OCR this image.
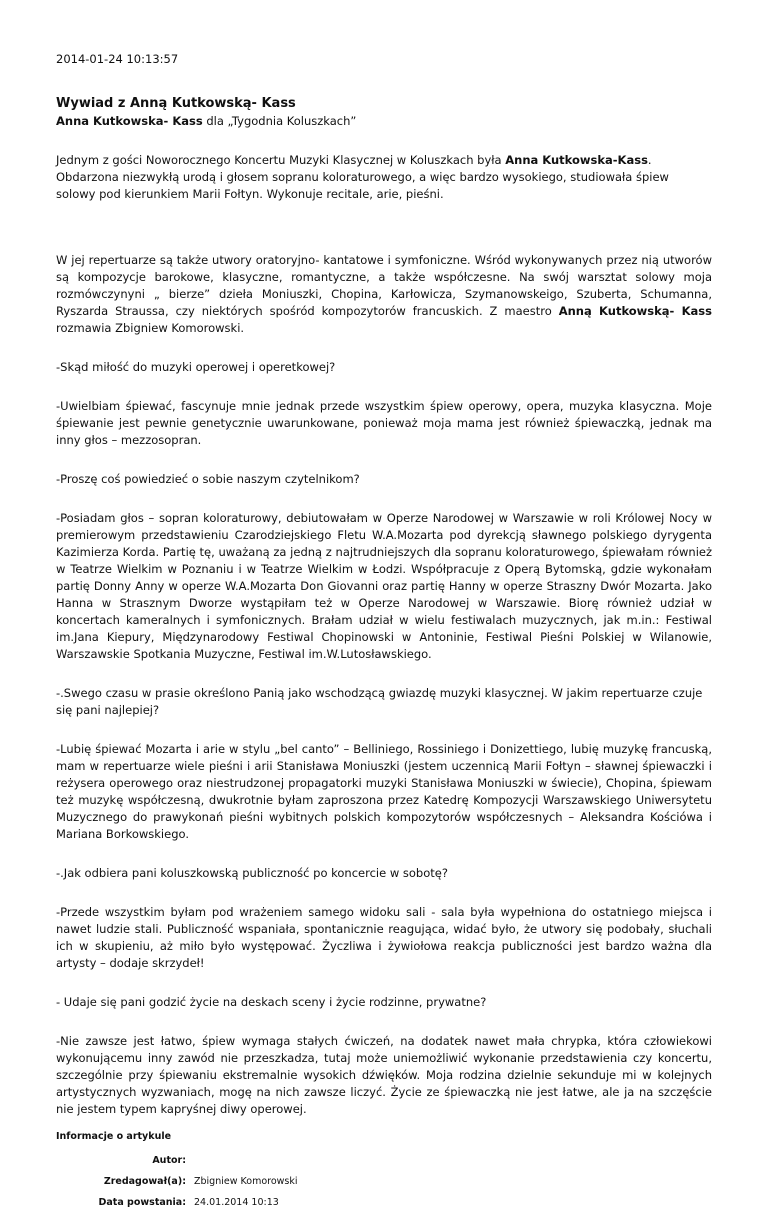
2014-01-24 10:13:57
Wywiad z Anną Kutkowską- Kass

Anna Kutkowska- Kass dla „Tygodnia Koluszkach”

Jednym z gości Noworocznego Koncertu Muzyki Klasycznej w Koluszkach była Anna Kutkowska-Kass. Obdarzona niezwykłą urodą i głosem sopranu koloraturowego, a więc bardzo wysokiego, studiowała śpiew solowy pod kierunkiem Marii Fołtyn. Wykonuje recitale, arie, pieśni.

W jej repertuarze są także utwory oratoryjno- kantatowe i symfoniczne. Wśród wykonywanych przez nią utworów są kompozycje barokowe, klasyczne, romantyczne, a także współczesne. Na swój warsztat solowy moja rozmówczynyni „ bierze” dzieła Moniuszki, Chopina, Karłowicza, Szymanowskeigo, Szuberta, Schumanna, Ryszarda Straussa, czy niektórych spośród kompozytorów francuskich. Z maestro Anną Kutkowską- Kass rozmawia Zbigniew Komorowski.

-Skąd miłość do muzyki operowej i operetkowej?

-Uwielbiam śpiewać, fascynuje mnie jednak przede wszystkim śpiew operowy, opera, muzyka klasyczna. Moje śpiewanie jest pewnie genetycznie uwarunkowane, ponieważ moja mama jest również śpiewaczką, jednak ma inny głos – mezzosopran.

-Proszę coś powiedzieć o sobie naszym czytelnikom?

-Posiadam głos – sopran koloraturowy, debiutowałam w Operze Narodowej w Warszawie w roli Królowej Nocy w premierowym przedstawieniu Czarodziejskiego Fletu W.A.Mozarta pod dyrekcją sławnego polskiego dyrygenta Kazimierza Korda. Partię tę, uważaną za jedną z najtrudniejszych dla sopranu koloraturowego, śpiewałam również w Teatrze Wielkim w Poznaniu i w Teatrze Wielkim w Łodzi. Współpracuje z Operą Bytomską, gdzie wykonałam partię Donny Anny w operze W.A.Mozarta Don Giovanni oraz partię Hanny w operze Straszny Dwór Mozarta. Jako Hanna w Strasznym Dworze wystąpiłam też w Operze Narodowej w Warszawie. Biorę również udział w koncertach kameralnych i symfonicznych. Brałam udział w wielu festiwalach muzycznych, jak m.in.: Festiwal im.Jana Kiepury, Międzynarodowy Festiwal Chopinowski w Antoninie, Festiwal Pieśni Polskiej w Wilanowie, Warszawskie Spotkania Muzyczne, Festiwal im.W.Lutosławskiego.

-.Swego czasu w prasie określono Panią jako wschodzącą gwiazdę muzyki klasycznej. W jakim repertuarze czuje się pani najlepiej?

-Lubię śpiewać Mozarta i arie w stylu „bel canto” – Belliniego, Rossiniego i Donizettiego, lubię muzykę francuską, mam w repertuarze wiele pieśni i arii Stanisława Moniuszki (jestem uczennicą Marii Fołtyn – sławnej śpiewaczki i reżysera operowego oraz niestrudzonej propagatorki muzyki Stanisława Moniuszki w świecie), Chopina, śpiewam też muzykę współczesną, dwukrotnie byłam zaproszona przez Katedrę Kompozycji Warszawskiego Uniwersytetu Muzycznego do prawykonań pieśni wybitnych polskich kompozytorów współczesnych – Aleksandra Kościówa i Mariana Borkowskiego.

-.Jak odbiera pani koluszkowską publiczność po koncercie w sobotę?

-Przede wszystkim byłam pod wrażeniem samego widoku sali - sala była wypełniona do ostatniego miejsca i nawet ludzie stali. Publiczność wspaniała, spontanicznie reagująca, widać było, że utwory się podobały, słuchali ich w skupieniu, aż miło było występować. Życzliwa i żywiołowa reakcja publiczności jest bardzo ważna dla artysty – dodaje skrzydeł!

- Udaje się pani godzić życie na deskach sceny i życie rodzinne, prywatne?

-Nie zawsze jest łatwo, śpiew wymaga stałych ćwiczeń, na dodatek nawet mała chrypka, która człowiekowi wykonującemu inny zawód nie przeszkadza, tutaj może uniemożliwić wykonanie przedstawienia czy koncertu, szczególnie przy śpiewaniu ekstremalnie wysokich dźwięków. Moja rodzina dzielnie sekunduje mi w kolejnych artystycznych wyzwaniach, mogę na nich zawsze liczyć. Życie ze śpiewaczką nie jest łatwe, ale ja na szczęście nie jestem typem kapryśnej diwy operowej.

Informacje o artykule
Autor:	
Zredagował(a):	Zbigniew Komorowski
Data powstania:	24.01.2014 10:13
